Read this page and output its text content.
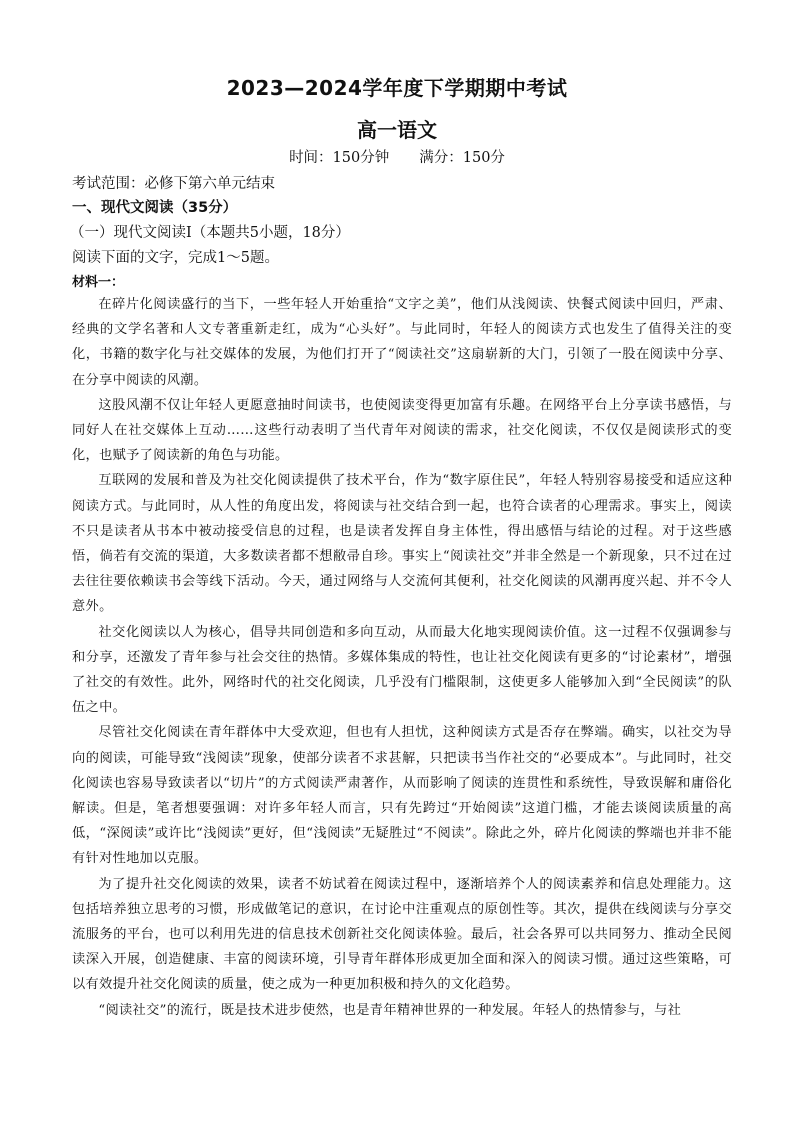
2023—2024学年度下学期期中考试
高一语文
时间：150分钟 满分：150分
考试范围：必修下第六单元结束
一、现代文阅读（35分）
（一）现代文阅读Ⅰ（本题共5小题，18分）
阅读下面的文字，完成1～5题。
材料一：

在碎片化阅读盛行的当下，一些年轻人开始重拾“文字之美”，他们从浅阅读、快餐式阅读中回归，严肃、经典的文学名著和人文专著重新走红，成为“心头好”。与此同时，年轻人的阅读方式也发生了值得关注的变化，书籍的数字化与社交媒体的发展，为他们打开了“阅读社交”这扇崭新的大门，引领了一股在阅读中分享、在分享中阅读的风潮。

这股风潮不仅让年轻人更愿意抽时间读书，也使阅读变得更加富有乐趣。在网络平台上分享读书感悟，与同好人在社交媒体上互动……这些行动表明了当代青年对阅读的需求，社交化阅读，不仅仅是阅读形式的变化，也赋予了阅读新的角色与功能。

互联网的发展和普及为社交化阅读提供了技术平台，作为“数字原住民”，年轻人特别容易接受和适应这种阅读方式。与此同时，从人性的角度出发，将阅读与社交结合到一起，也符合读者的心理需求。事实上，阅读不只是读者从书本中被动接受信息的过程，也是读者发挥自身主体性，得出感悟与结论的过程。对于这些感悟，倘若有交流的渠道，大多数读者都不想敝帚自珍。事实上“阅读社交”并非全然是一个新现象，只不过在过去往往要依赖读书会等线下活动。今天，通过网络与人交流何其便利，社交化阅读的风潮再度兴起、并不令人意外。

社交化阅读以人为核心，倡导共同创造和多向互动，从而最大化地实现阅读价值。这一过程不仅强调参与和分享，还激发了青年参与社会交往的热情。多媒体集成的特性，也让社交化阅读有更多的“讨论素材”，增强了社交的有效性。此外，网络时代的社交化阅读，几乎没有门槛限制，这使更多人能够加入到“全民阅读”的队伍之中。

尽管社交化阅读在青年群体中大受欢迎，但也有人担忧，这种阅读方式是否存在弊端。确实，以社交为导向的阅读，可能导致“浅阅读”现象，使部分读者不求甚解，只把读书当作社交的“必要成本”。与此同时，社交化阅读也容易导致读者以“切片”的方式阅读严肃著作，从而影响了阅读的连贯性和系统性，导致误解和庸俗化解读。但是，笔者想要强调：对许多年轻人而言，只有先跨过“开始阅读”这道门槛，才能去谈阅读质量的高低，“深阅读”或许比“浅阅读”更好，但“浅阅读”无疑胜过“不阅读”。除此之外，碎片化阅读的弊端也并非不能有针对性地加以克服。

为了提升社交化阅读的效果，读者不妨试着在阅读过程中，逐渐培养个人的阅读素养和信息处理能力。这包括培养独立思考的习惯，形成做笔记的意识，在讨论中注重观点的原创性等。其次，提供在线阅读与分享交流服务的平台，也可以利用先进的信息技术创新社交化阅读体验。最后，社会各界可以共同努力、推动全民阅读深入开展，创造健康、丰富的阅读环境，引导青年群体形成更加全面和深入的阅读习惯。通过这些策略，可以有效提升社交化阅读的质量，使之成为一种更加积极和持久的文化趋势。

“阅读社交”的流行，既是技术进步使然，也是青年精神世界的一种发展。年轻人的热情参与，与社
